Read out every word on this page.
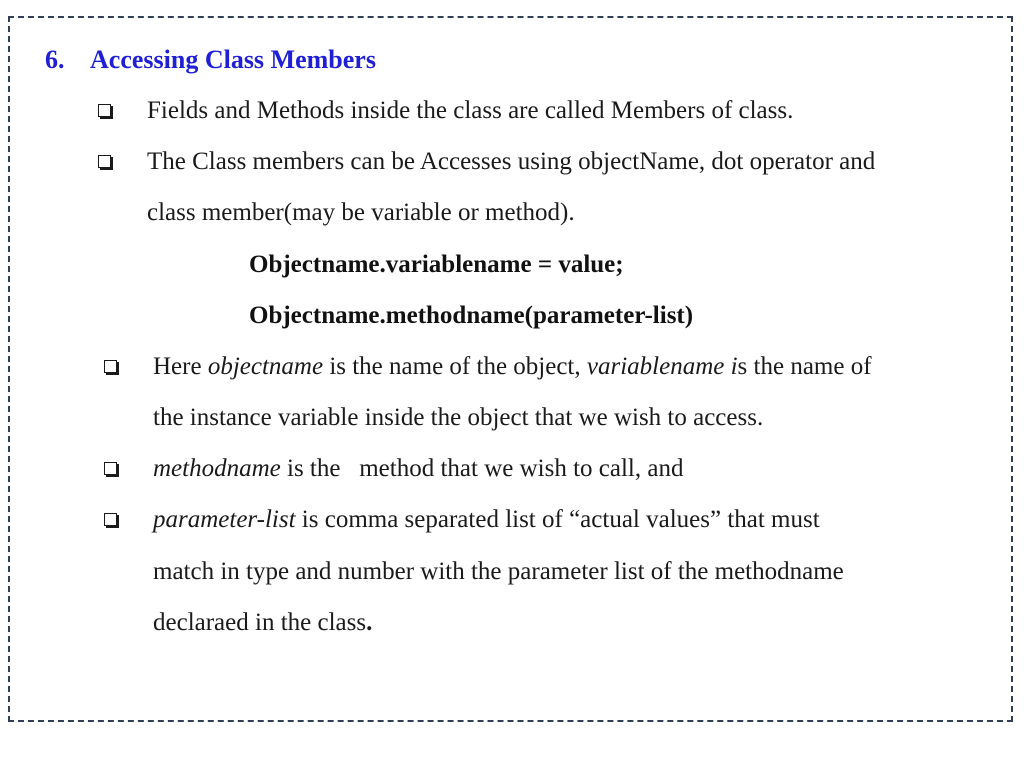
6. Accessing Class Members
Fields and Methods inside the class are called Members of class.
The Class members can be Accesses using objectName, dot operator and
class member(may be variable or method).
Objectname.variablename = value;
Objectname.methodname(parameter-list)
Here objectname is the name of the object, variablename is the name of
the instance variable inside the object that we wish to access.
methodname is the   method that we wish to call, and
parameter-list is comma separated list of “actual values” that must
match in type and number with the parameter list of the methodname
declaraed in the class.
